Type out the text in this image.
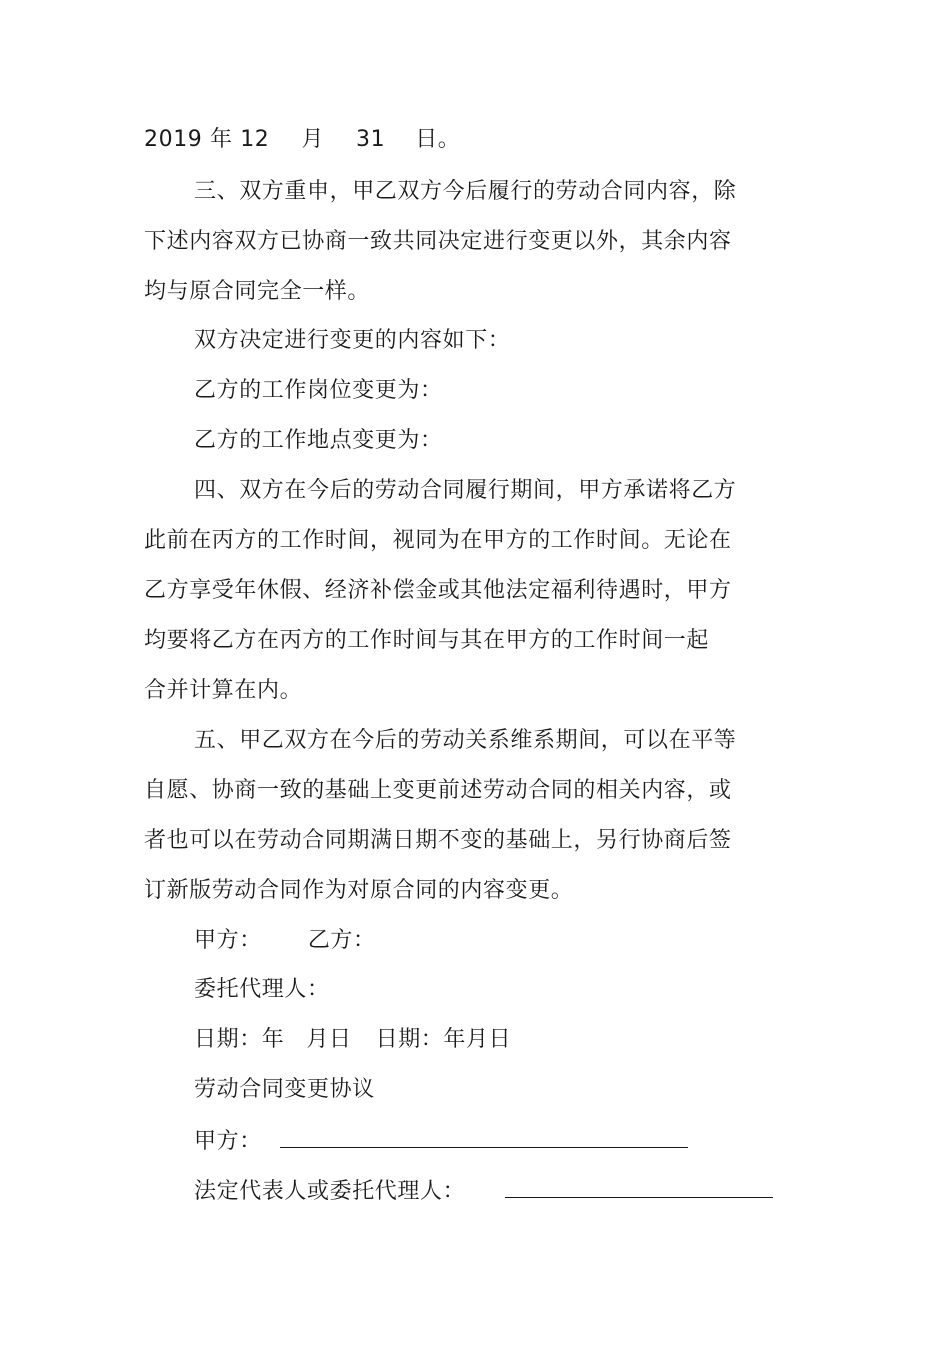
2019 年 12 月 31 日。
三、双方重申，甲乙双方今后履行的劳动合同内容，除
下述内容双方已协商一致共同决定进行变更以外，其余内容
均与原合同完全一样。
双方决定进行变更的内容如下：
乙方的工作岗位变更为：
乙方的工作地点变更为：
四、双方在今后的劳动合同履行期间，甲方承诺将乙方
此前在丙方的工作时间，视同为在甲方的工作时间。无论在
乙方享受年休假、经济补偿金或其他法定福利待遇时，甲方
均要将乙方在丙方的工作时间与其在甲方的工作时间一起
合并计算在内。
五、甲乙双方在今后的劳动关系维系期间，可以在平等
自愿、协商一致的基础上变更前述劳动合同的相关内容，或
者也可以在劳动合同期满日期不变的基础上，另行协商后签
订新版劳动合同作为对原合同的内容变更。
甲方： 乙方：
委托代理人：
日期：年 月日 日期：年月日
劳动合同变更协议
甲方：
法定代表人或委托代理人：
